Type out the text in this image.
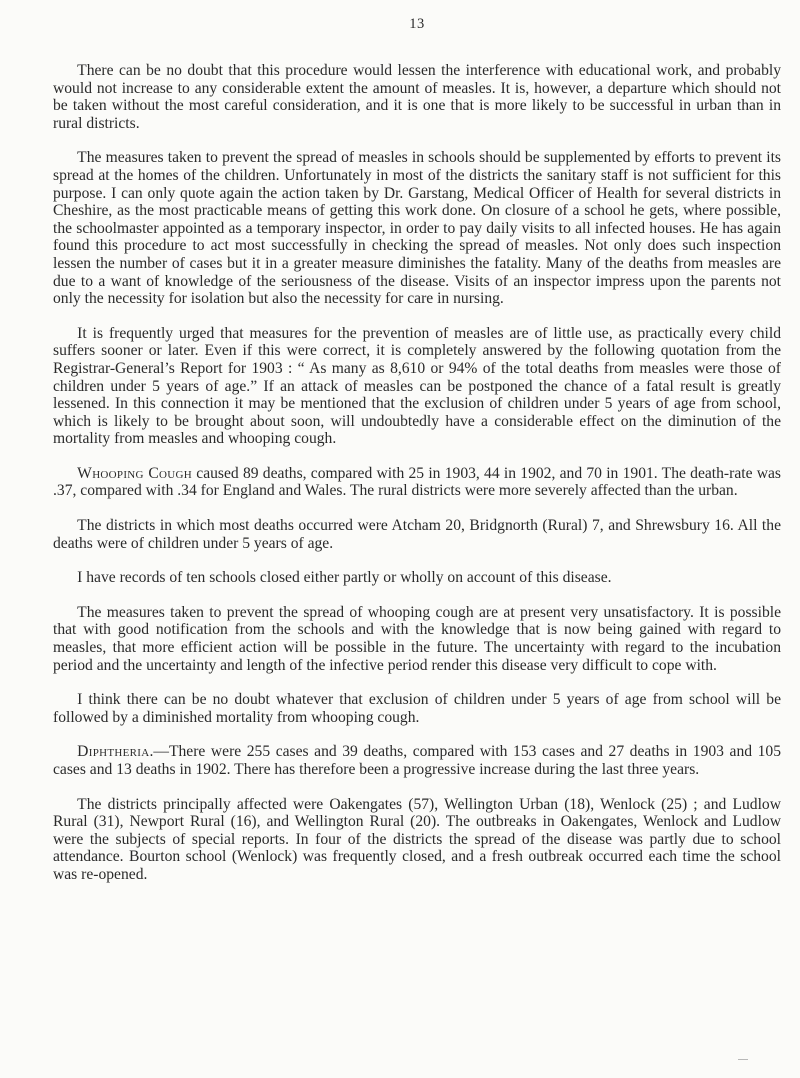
13

There can be no doubt that this procedure would lessen the interference with educational work, and probably would not increase to any considerable extent the amount of measles. It is, however, a departure which should not be taken without the most careful consideration, and it is one that is more likely to be successful in urban than in rural districts.

The measures taken to prevent the spread of measles in schools should be supplemented by efforts to prevent its spread at the homes of the children. Unfortunately in most of the districts the sanitary staff is not sufficient for this purpose. I can only quote again the action taken by Dr. Garstang, Medical Officer of Health for several districts in Cheshire, as the most practicable means of getting this work done. On closure of a school he gets, where possible, the schoolmaster appointed as a temporary inspector, in order to pay daily visits to all infected houses. He has again found this procedure to act most successfully in checking the spread of measles. Not only does such inspection lessen the number of cases but it in a greater measure diminishes the fatality. Many of the deaths from measles are due to a want of knowledge of the seriousness of the disease. Visits of an inspector impress upon the parents not only the necessity for isolation but also the necessity for care in nursing.

It is frequently urged that measures for the prevention of measles are of little use, as practically every child suffers sooner or later. Even if this were correct, it is completely answered by the following quotation from the Registrar-General’s Report for 1903 : “ As many as 8,610 or 94% of the total deaths from measles were those of children under 5 years of age.” If an attack of measles can be postponed the chance of a fatal result is greatly lessened. In this connection it may be mentioned that the exclusion of children under 5 years of age from school, which is likely to be brought about soon, will undoubtedly have a considerable effect on the diminution of the mortality from measles and whooping cough.

Whooping Cough caused 89 deaths, compared with 25 in 1903, 44 in 1902, and 70 in 1901. The death-rate was .37, compared with .34 for England and Wales. The rural districts were more severely affected than the urban.

The districts in which most deaths occurred were Atcham 20, Bridgnorth (Rural) 7, and Shrewsbury 16. All the deaths were of children under 5 years of age.

I have records of ten schools closed either partly or wholly on account of this disease.

The measures taken to prevent the spread of whooping cough are at present very unsatisfactory. It is possible that with good notification from the schools and with the knowledge that is now being gained with regard to measles, that more efficient action will be possible in the future. The uncertainty with regard to the incubation period and the uncertainty and length of the infective period render this disease very difficult to cope with.

I think there can be no doubt whatever that exclusion of children under 5 years of age from school will be followed by a diminished mortality from whooping cough.

Diphtheria.—There were 255 cases and 39 deaths, compared with 153 cases and 27 deaths in 1903 and 105 cases and 13 deaths in 1902. There has therefore been a progressive increase during the last three years.

The districts principally affected were Oakengates (57), Wellington Urban (18), Wenlock (25) ; and Ludlow Rural (31), Newport Rural (16), and Wellington Rural (20). The outbreaks in Oakengates, Wenlock and Ludlow were the subjects of special reports. In four of the districts the spread of the disease was partly due to school attendance. Bourton school (Wenlock) was frequently closed, and a fresh outbreak occurred each time the school was re-opened.
